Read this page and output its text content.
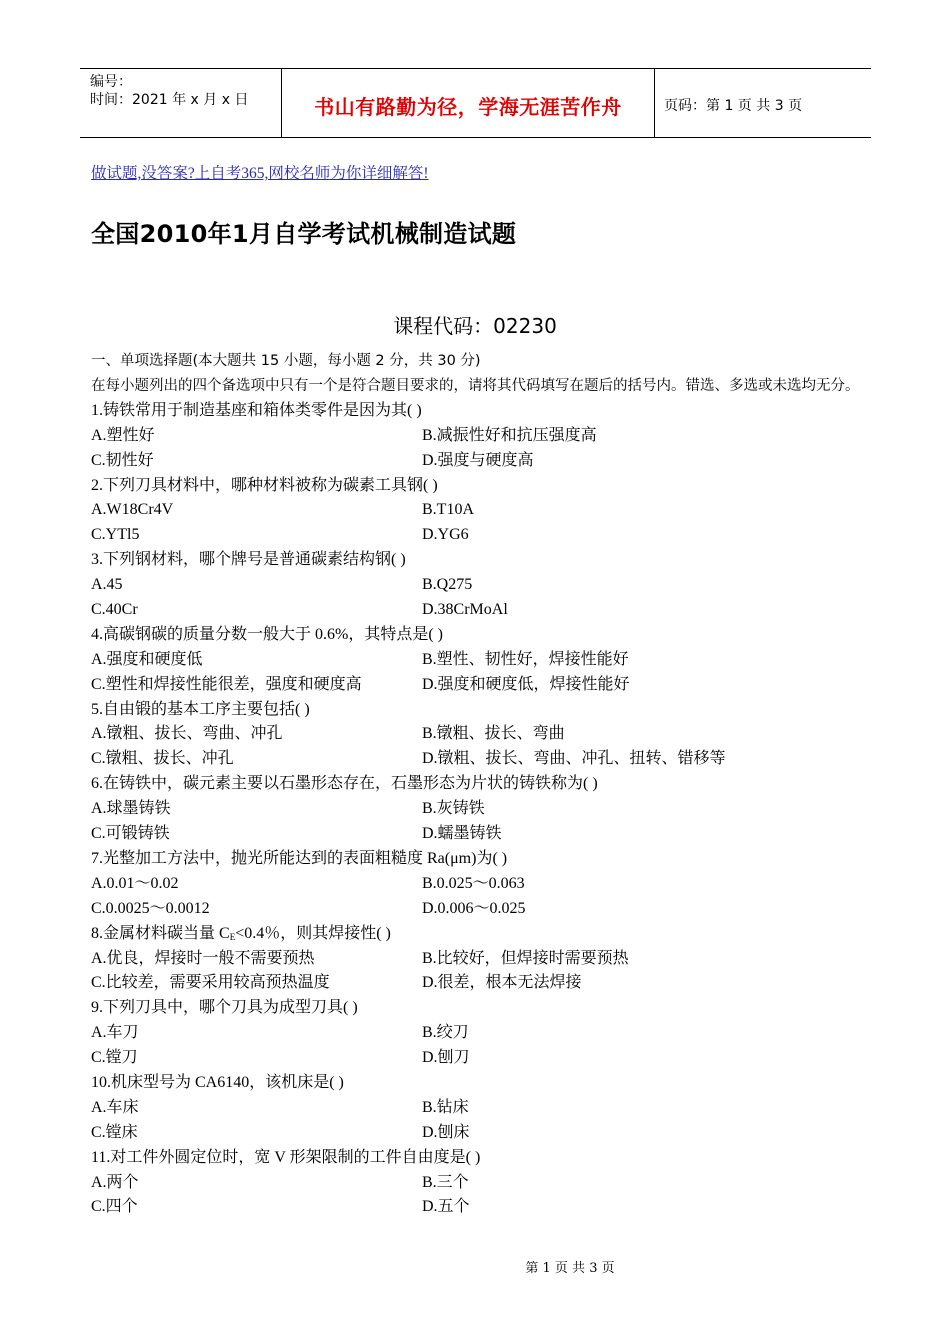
编号：
时间：2021 年 x 月 x 日	书山有路勤为径，学海无涯苦作舟	页码：第 1 页 共 3 页
做试题,没答案?上自考365,网校名师为你详细解答!
全国2010年1月自学考试机械制造试题
课程代码：02230
一、单项选择题(本大题共 15 小题，每小题 2 分，共 30 分)
在每小题列出的四个备选项中只有一个是符合题目要求的，请将其代码填写在题后的括号内。错选、多选或未选均无分。
1.铸铁常用于制造基座和箱体类零件是因为其( )
A.塑性好	B.减振性好和抗压强度高
C.韧性好	D.强度与硬度高
2.下列刀具材料中，哪种材料被称为碳素工具钢( )
A.W18Cr4V	B.T10A
C.YTl5	D.YG6
3.下列钢材料，哪个牌号是普通碳素结构钢( )
A.45	B.Q275
C.40Cr	D.38CrMoAl
4.高碳钢碳的质量分数一般大于 0.6%，其特点是( )
A.强度和硬度低	B.塑性、韧性好，焊接性能好
C.塑性和焊接性能很差，强度和硬度高	D.强度和硬度低，焊接性能好
5.自由锻的基本工序主要包括( )
A.镦粗、拔长、弯曲、冲孔	B.镦粗、拔长、弯曲
C.镦粗、拔长、冲孔	D.镦粗、拔长、弯曲、冲孔、扭转、错移等
6.在铸铁中，碳元素主要以石墨形态存在，石墨形态为片状的铸铁称为( )
A.球墨铸铁	B.灰铸铁
C.可锻铸铁	D.蠕墨铸铁
7.光整加工方法中，抛光所能达到的表面粗糙度 Ra(μm)为( )
A.0.01～0.02	B.0.025～0.063
C.0.0025～0.0012	D.0.006～0.025
8.金属材料碳当量 $C_E<0.4$％，则其焊接性( )
A.优良，焊接时一般不需要预热	B.比较好，但焊接时需要预热
C.比较差，需要采用较高预热温度	D.很差，根本无法焊接
9.下列刀具中，哪个刀具为成型刀具( )
A.车刀	B.绞刀
C.镗刀	D.刨刀
10.机床型号为 CA6140，该机床是( )
A.车床	B.钻床
C.镗床	D.刨床
11.对工件外圆定位时，宽 V 形架限制的工件自由度是( )
A.两个	B.三个
C.四个	D.五个
第 1 页 共 3 页
